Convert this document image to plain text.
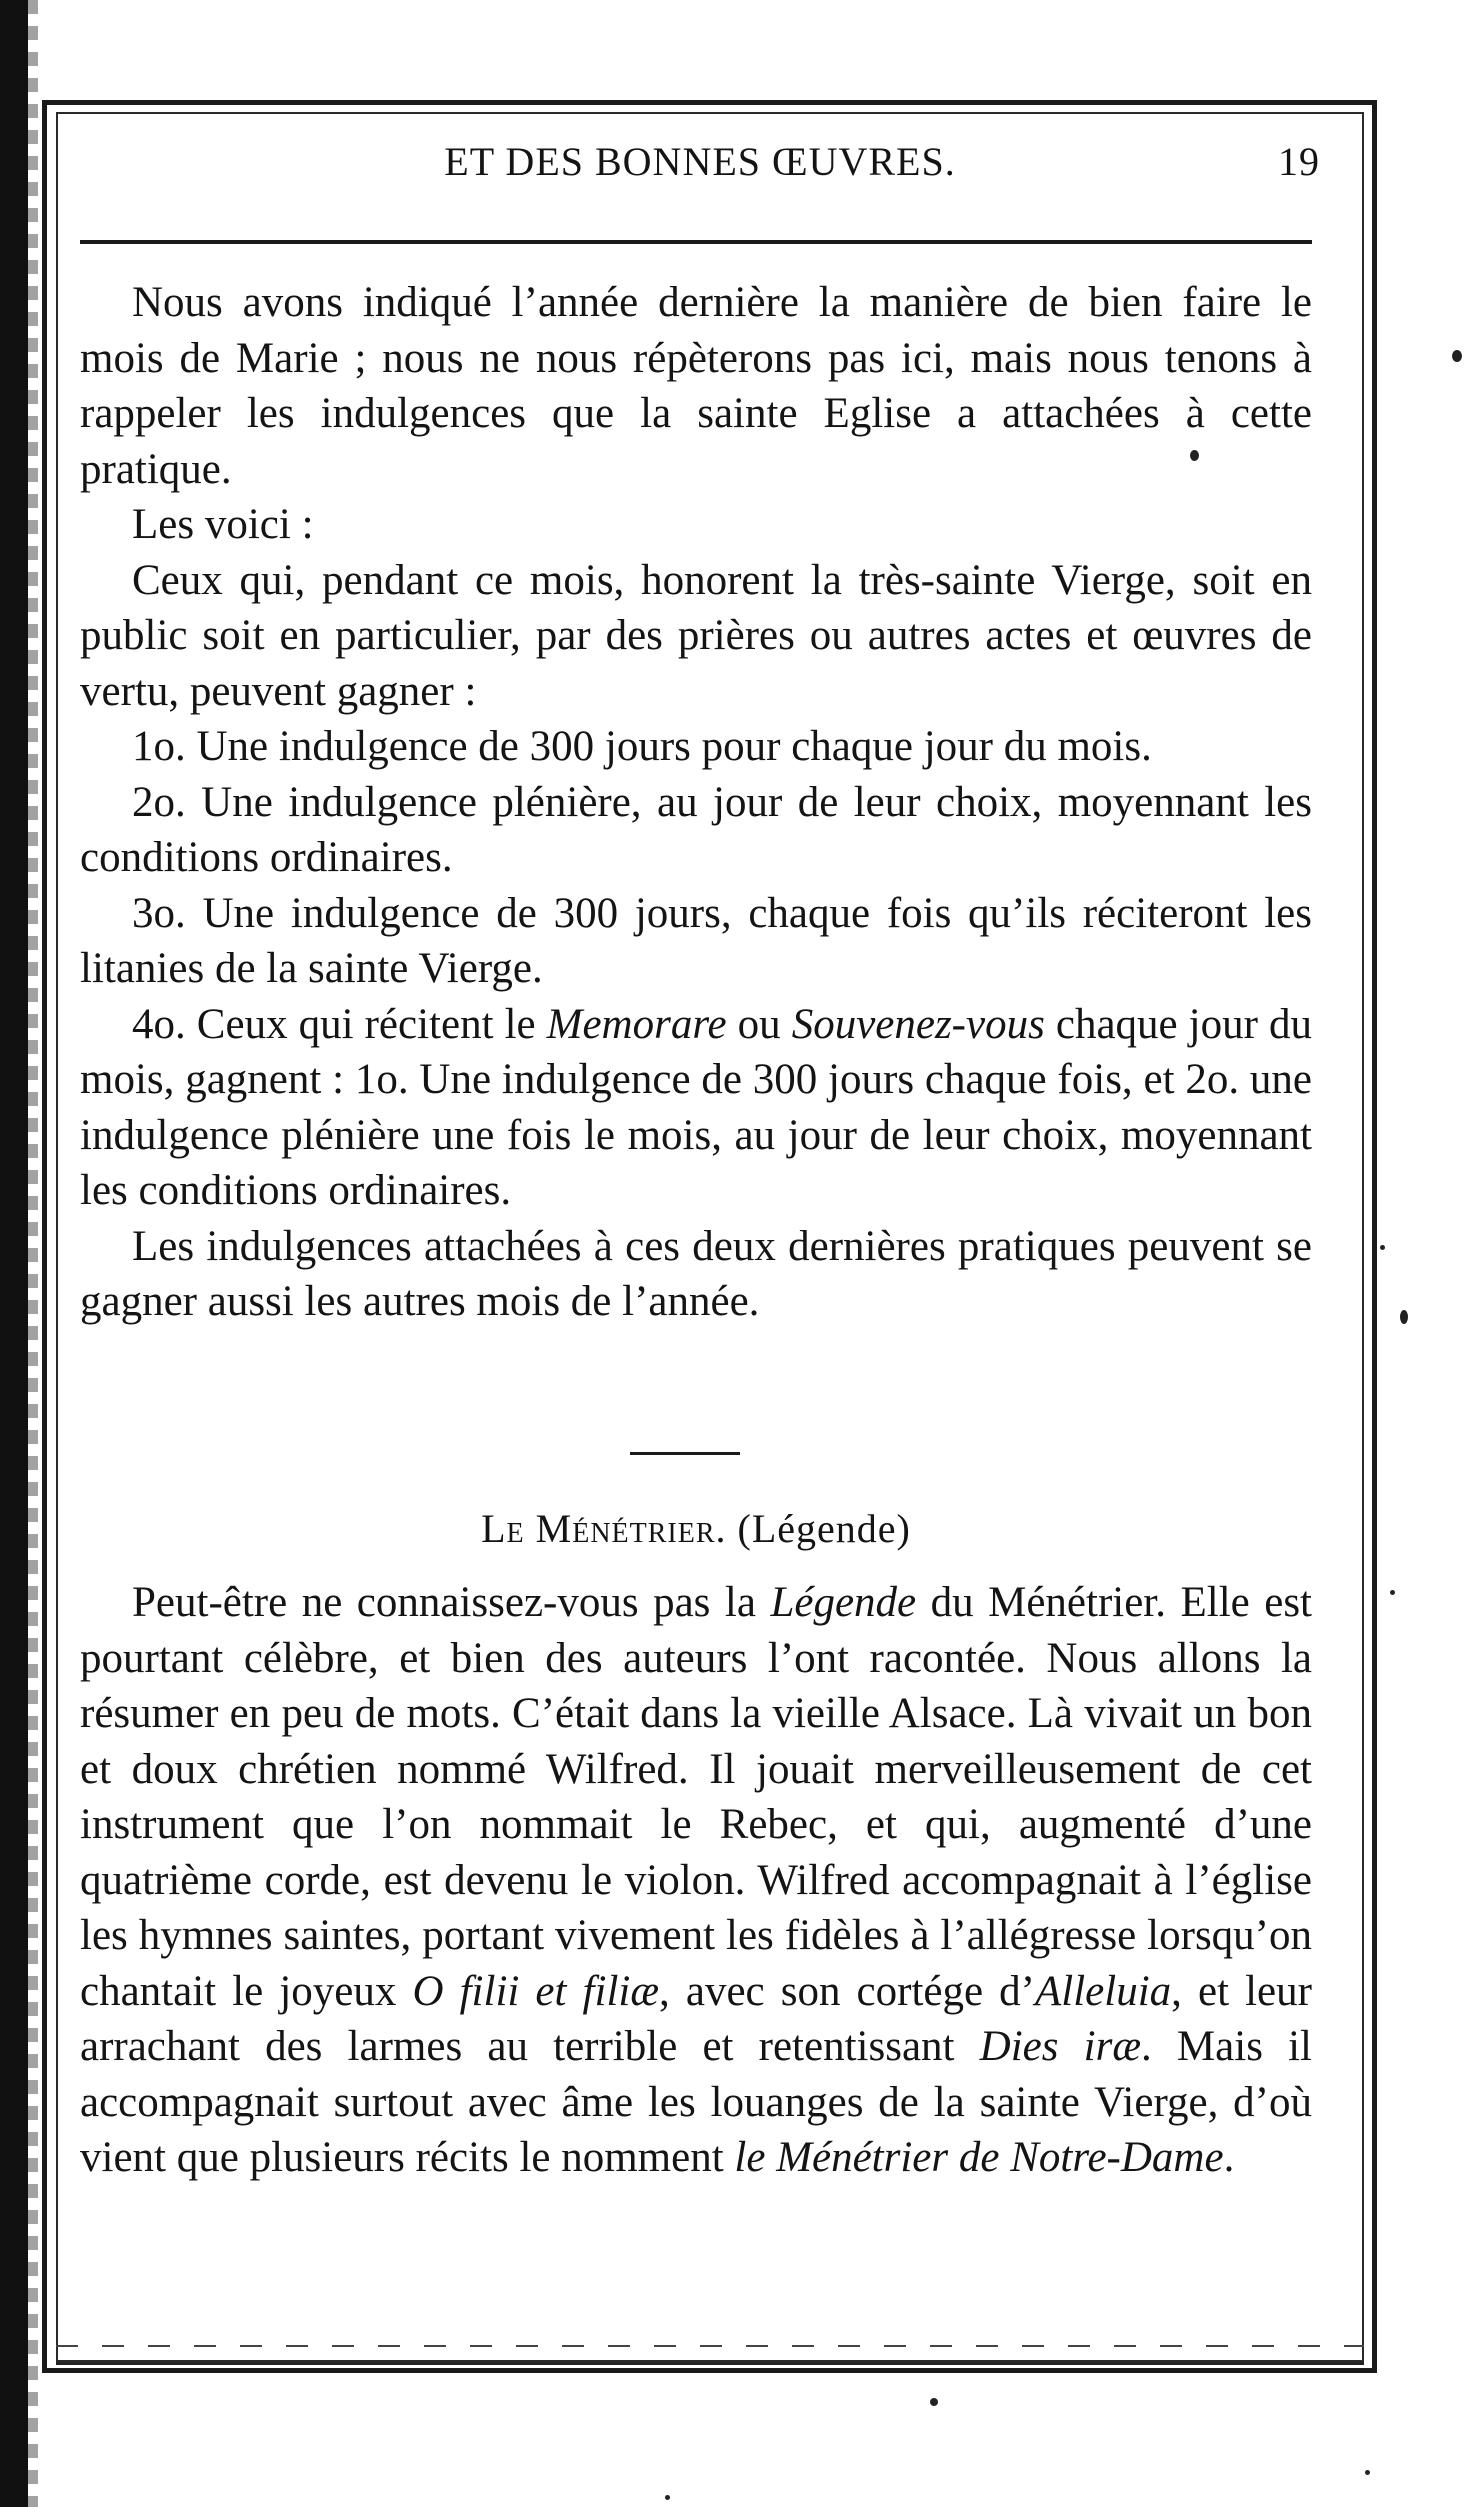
ET DES BONNES ŒUVRES.	19

Nous avons indiqué l’année dernière la manière de bien faire le mois de Marie ; nous ne nous répèterons pas ici, mais nous tenons à rappeler les indulgences que la sainte Eglise a attachées à cette pratique.

Les voici :

Ceux qui, pendant ce mois, honorent la très-sainte Vierge, soit en public soit en particulier, par des prières ou autres actes et œuvres de vertu, peuvent gagner :

1o. Une indulgence de 300 jours pour chaque jour du mois.

2o. Une indulgence plénière, au jour de leur choix, moyennant les conditions ordinaires.

3o. Une indulgence de 300 jours, chaque fois qu’ils réciteront les litanies de la sainte Vierge.

4o. Ceux qui récitent le Memorare ou Souvenez-vous chaque jour du mois, gagnent : 1o. Une indulgence de 300 jours chaque fois, et 2o. une indulgence plénière une fois le mois, au jour de leur choix, moyennant les conditions ordinaires.

Les indulgences attachées à ces deux dernières pratiques peuvent se gagner aussi les autres mois de l’année.

Le Ménétrier. (Légende)

Peut-être ne connaissez-vous pas la Légende du Ménétrier. Elle est pourtant célèbre, et bien des auteurs l’ont racontée. Nous allons la résumer en peu de mots. C’était dans la vieille Alsace. Là vivait un bon et doux chrétien nommé Wilfred. Il jouait merveilleusement de cet instrument que l’on nommait le Rebec, et qui, augmenté d’une quatrième corde, est devenu le violon. Wilfred accompagnait à l’église les hymnes saintes, portant vivement les fidèles à l’allégresse lorsqu’on chantait le joyeux O filii et filiæ, avec son cortége d’Alleluia, et leur arrachant des larmes au terrible et retentissant Dies iræ. Mais il accompagnait surtout avec âme les louanges de la sainte Vierge, d’où vient que plusieurs récits le nomment le Ménétrier de Notre-Dame.
